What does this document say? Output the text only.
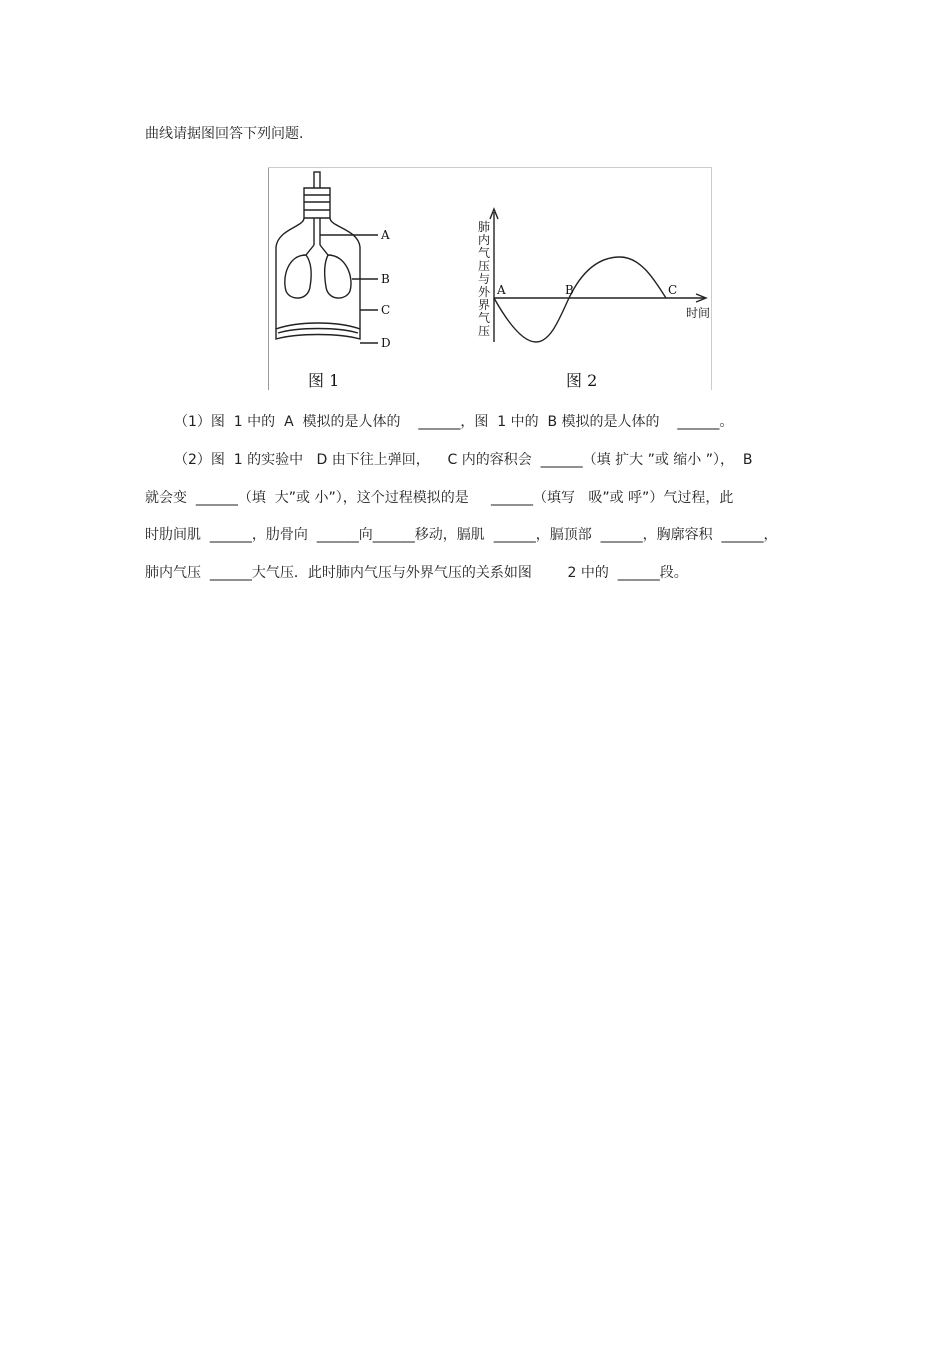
曲线请据图回答下列问题.
A
B
C
D
图 1
肺
内
气
压
与
外
界
气
压
A	B	C
时间
图 2
（1）图  1 中的  A  模拟的是人体的    ______，图  1 中的  B 模拟的是人体的    ______。
（2）图  1 的实验中   D 由下往上弹回，    C 内的容积会  ______（填 扩大 ”或 缩小 ”），  B
就会变  ______（填  大”或 小”），这个过程模拟的是     ______（填写   吸”或 呼”）气过程，此
时肋间肌  ______，肋骨向  ______向______移动，膈肌  ______，膈顶部  ______，胸廓容积  ______，
肺内气压  ______大气压．此时肺内气压与外界气压的关系如图        2 中的  ______段。
